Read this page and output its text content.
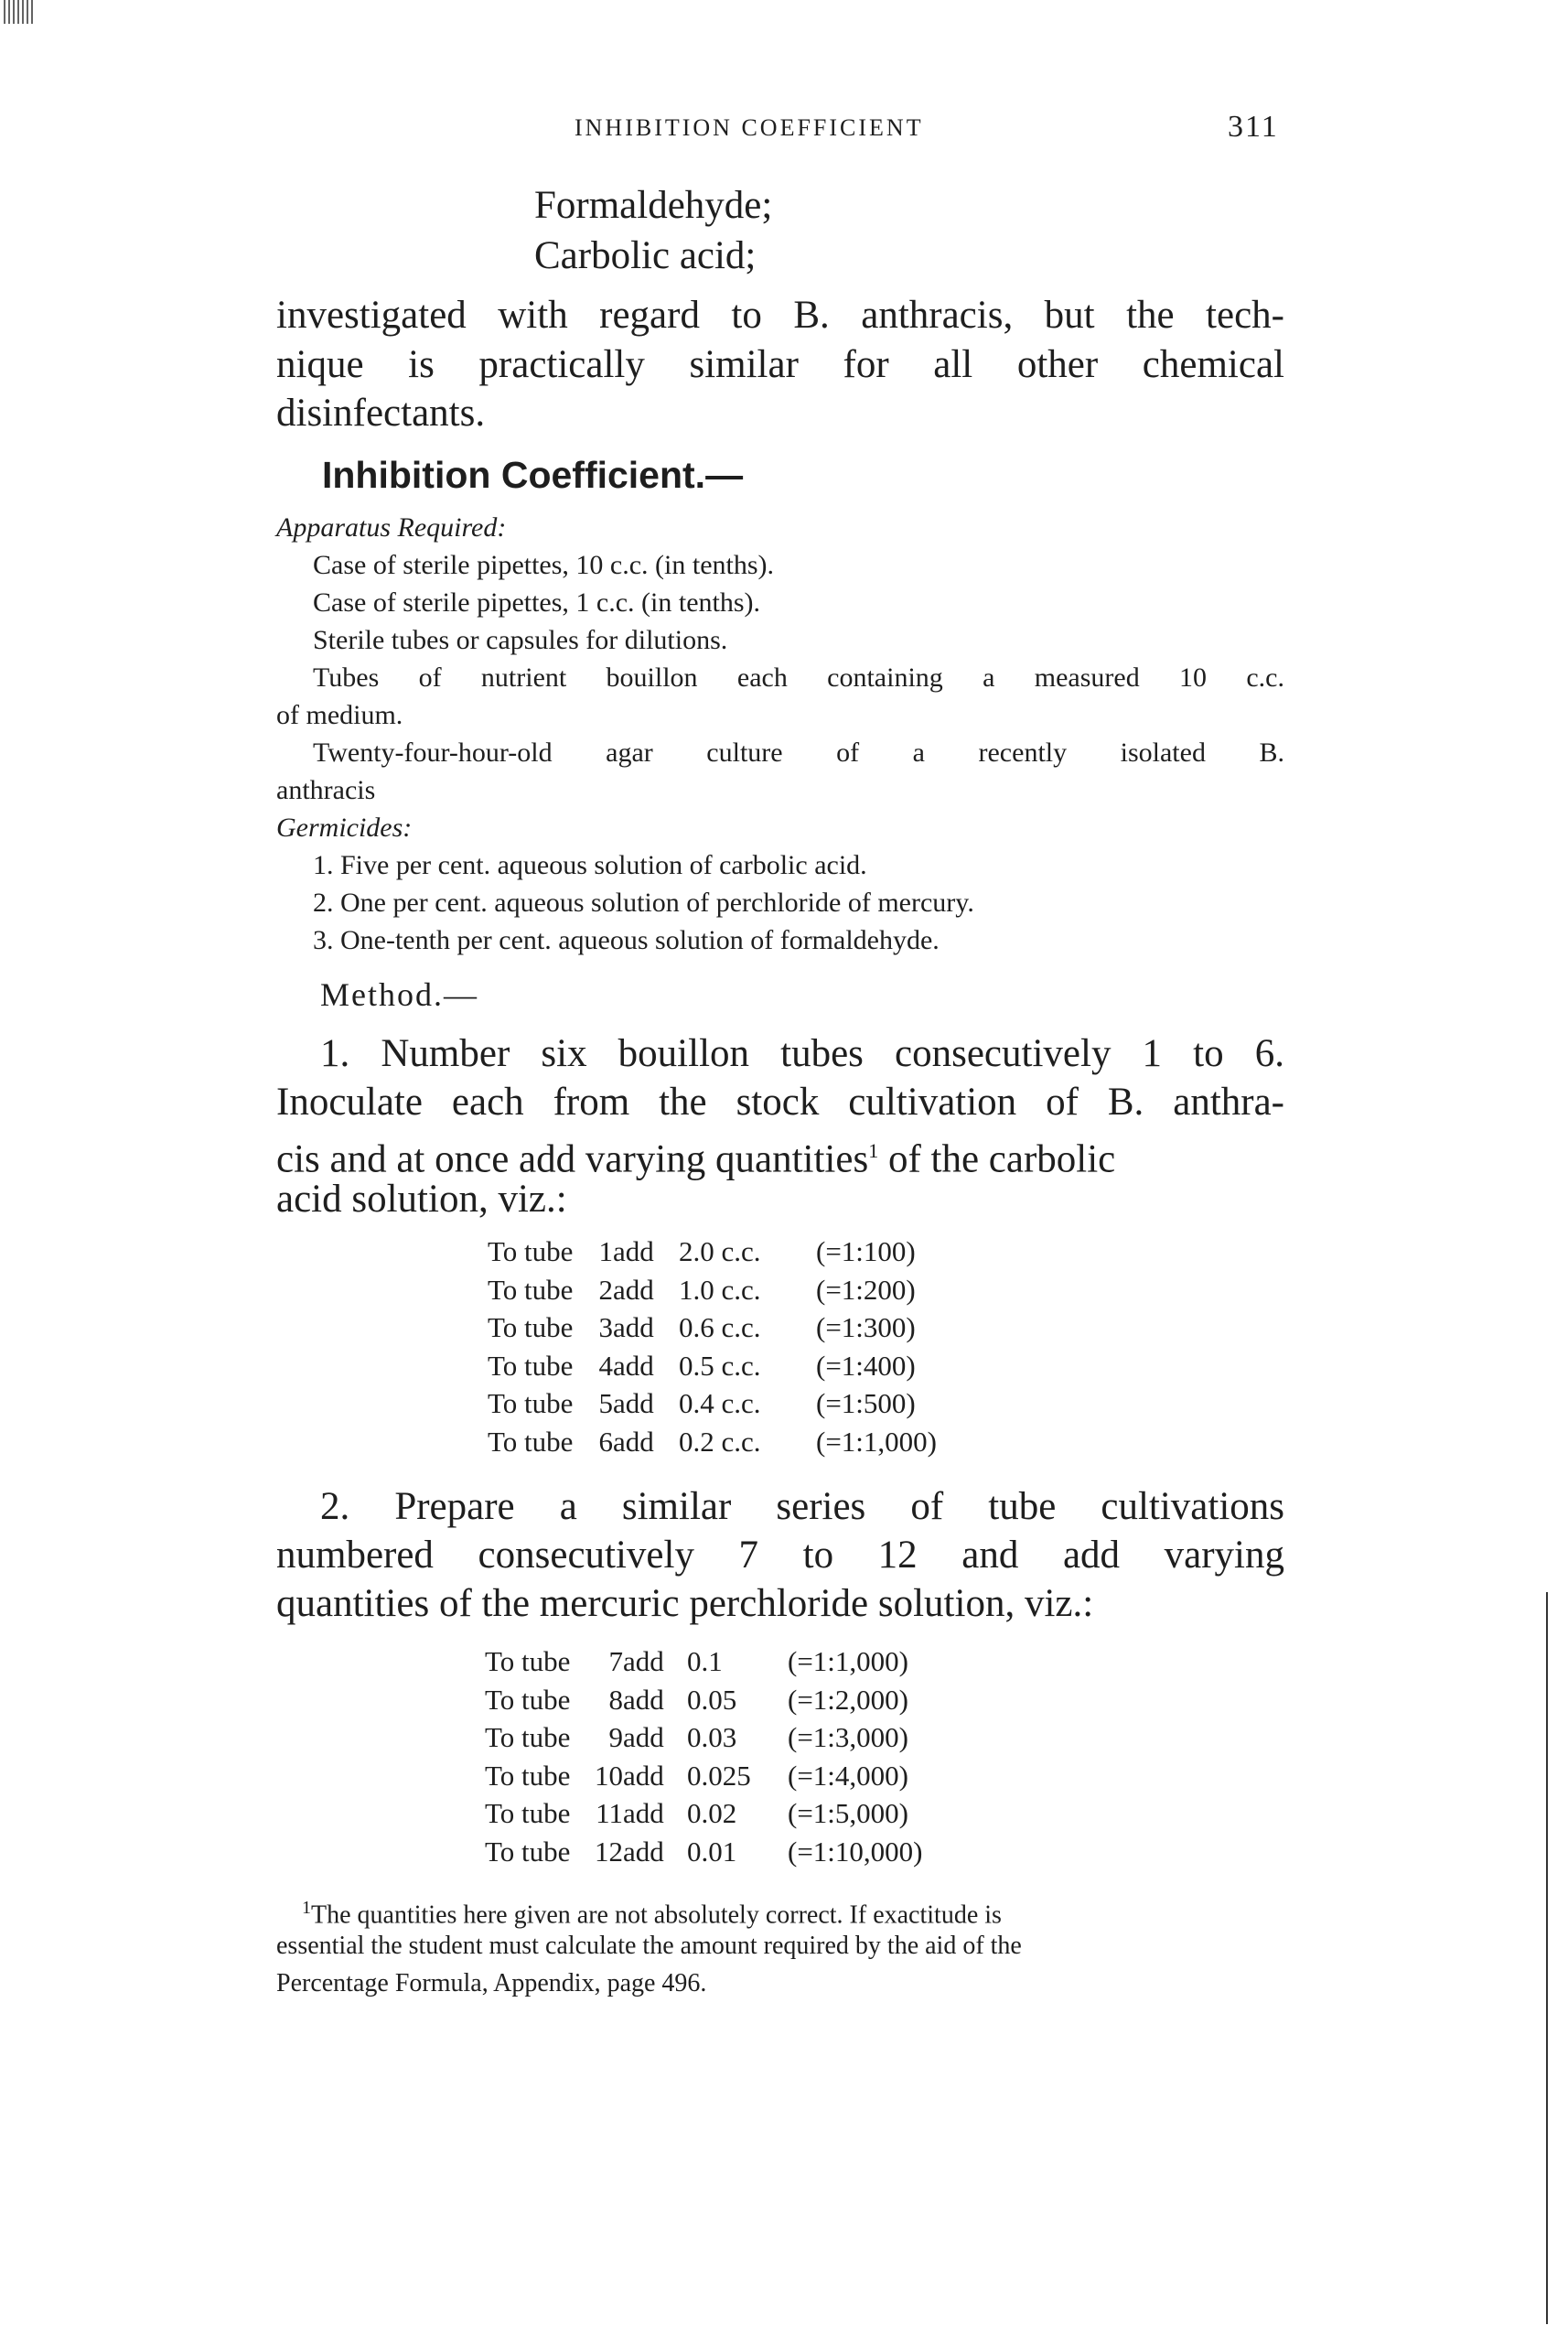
INHIBITION COEFFICIENT	311
Formaldehyde;
Carbolic acid;
investigated with regard to B. anthracis, but the tech-
nique is practically similar for all other chemical
disinfectants.
Inhibition Coefficient.—
Apparatus Required:
Case of sterile pipettes, 10 c.c. (in tenths).
Case of sterile pipettes, 1 c.c. (in tenths).
Sterile tubes or capsules for dilutions.
Tubes of nutrient bouillon each containing a measured 10 c.c.
of medium.
Twenty-four-hour-old agar culture of a recently isolated B.
anthracis
Germicides:
1. Five per cent. aqueous solution of carbolic acid.
2. One per cent. aqueous solution of perchloride of mercury.
3. One-tenth per cent. aqueous solution of formaldehyde.
Method.—
1. Number six bouillon tubes consecutively 1 to 6.
Inoculate each from the stock cultivation of B. anthra-
cis and at once add varying quantities$^1$ of the carbolic
acid solution, viz.:
To tube 1add 2.0 c.c. (=1:100)
To tube 2add 1.0 c.c. (=1:200)
To tube 3add 0.6 c.c. (=1:300)
To tube 4add 0.5 c.c. (=1:400)
To tube 5add 0.4 c.c. (=1:500)
To tube 6add 0.2 c.c. (=1:1,000)
2. Prepare a similar series of tube cultivations
numbered consecutively 7 to 12 and add varying
quantities of the mercuric perchloride solution, viz.:
To tube 7add 0.1 (=1:1,000)
To tube 8add 0.05 (=1:2,000)
To tube 9add 0.03 (=1:3,000)
To tube 10add 0.025 (=1:4,000)
To tube 11add 0.02 (=1:5,000)
To tube 12add 0.01 (=1:10,000)
$^1$The quantities here given are not absolutely correct. If exactitude is
essential the student must calculate the amount required by the aid of the
Percentage Formula, Appendix, page 496.
